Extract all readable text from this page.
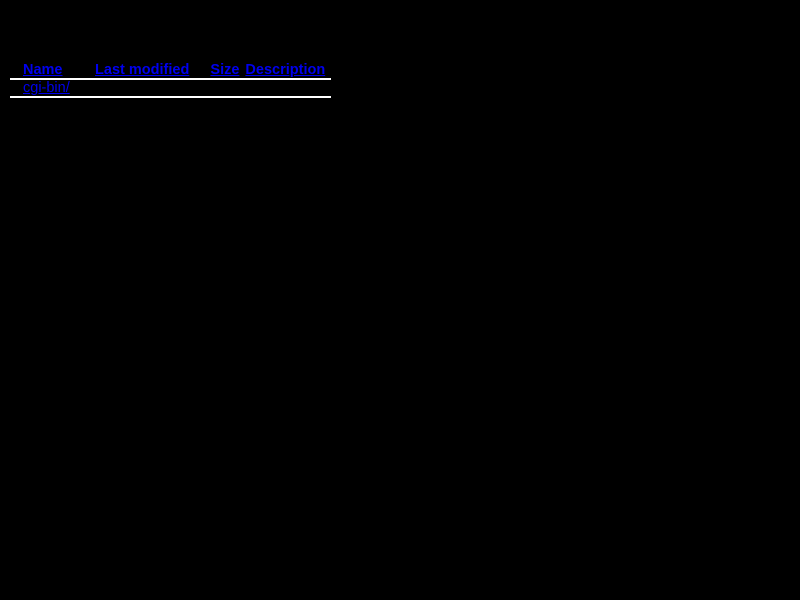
Index of /
	Name	Last modified	Size	Description

	cgi-bin/			
